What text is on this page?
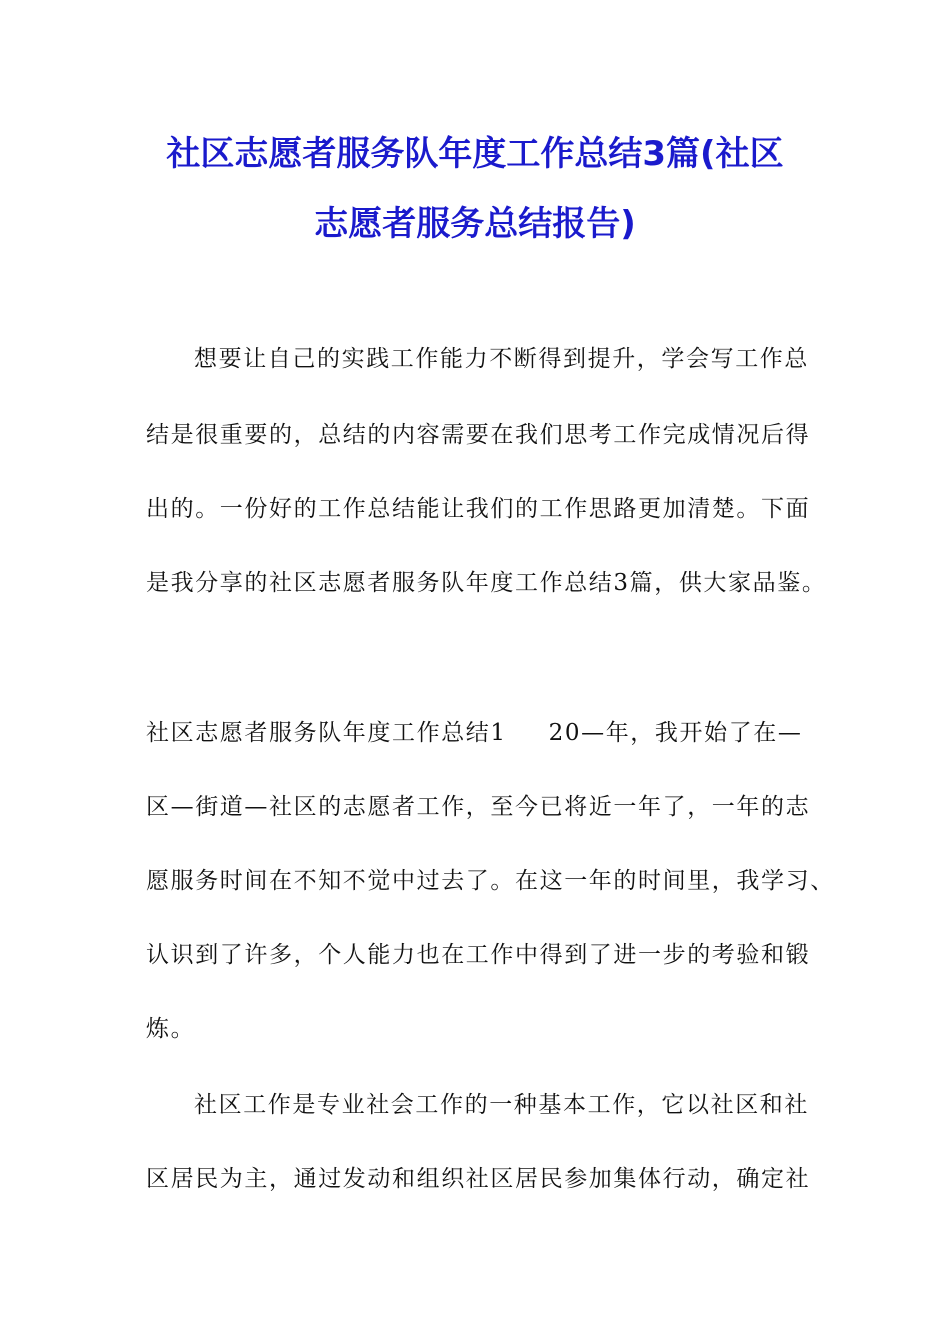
社区志愿者服务队年度工作总结3篇(社区
志愿者服务总结报告)
想要让自己的实践工作能力不断得到提升，学会写工作总
结是很重要的，总结的内容需要在我们思考工作完成情况后得
出的。一份好的工作总结能让我们的工作思路更加清楚。下面
是我分享的社区志愿者服务队年度工作总结3篇，供大家品鉴。
社区志愿者服务队年度工作总结1 20—年，我开始了在—
区—街道—社区的志愿者工作，至今已将近一年了，一年的志
愿服务时间在不知不觉中过去了。在这一年的时间里，我学习、
认识到了许多，个人能力也在工作中得到了进一步的考验和锻
炼。
社区工作是专业社会工作的一种基本工作，它以社区和社
区居民为主，通过发动和组织社区居民参加集体行动，确定社
